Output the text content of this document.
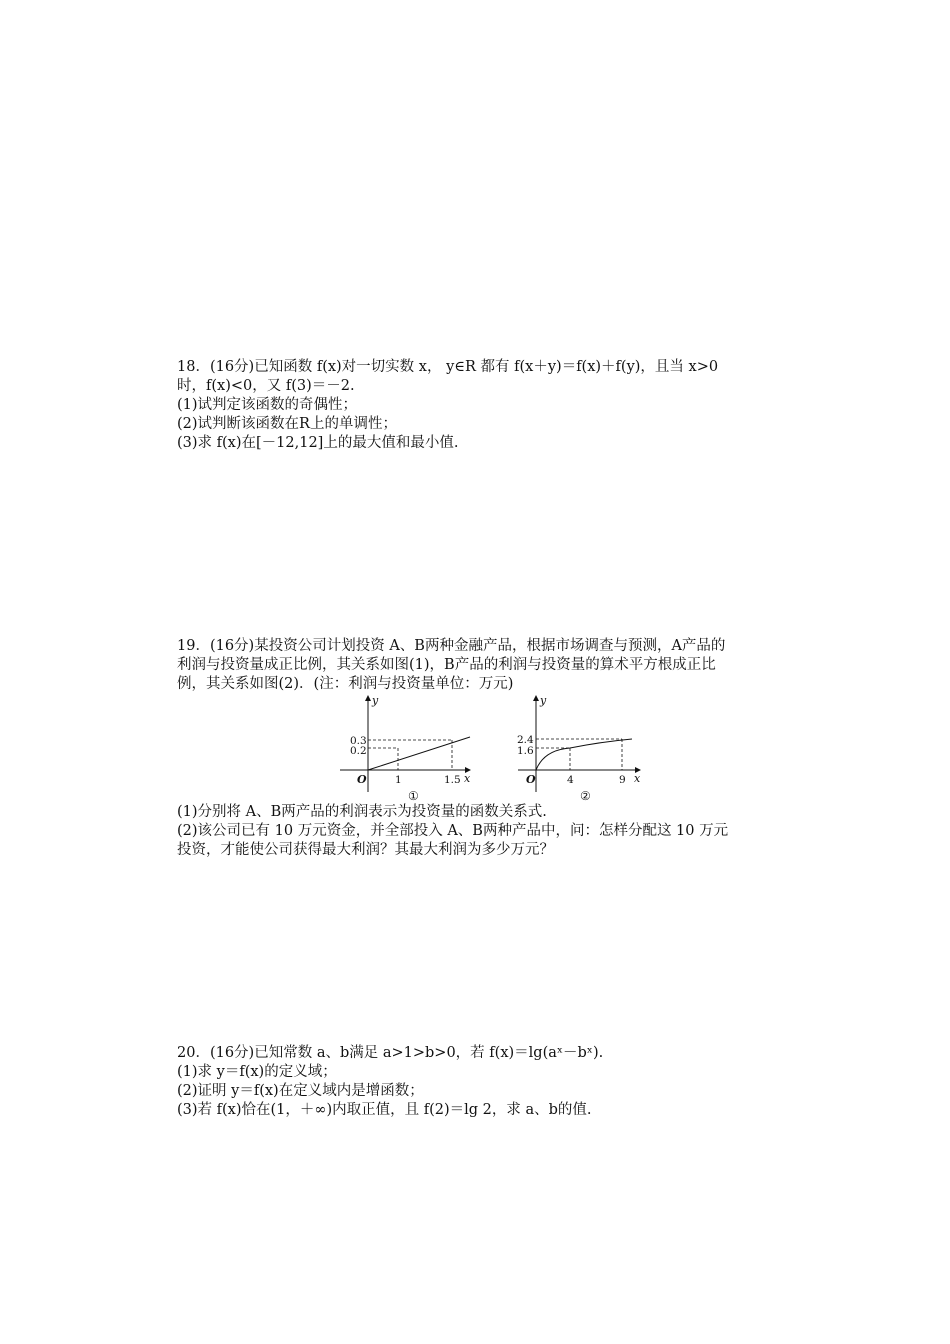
18．(16分)已知函数 f(x)对一切实数 x， y∈R 都有 f(x＋y)＝f(x)＋f(y)，且当 x>0
时，f(x)<0，又 f(3)＝－2.
(1)试判定该函数的奇偶性；
(2)试判断该函数在R上的单调性；
(3)求 f(x)在[－12,12]上的最大值和最小值.
19．(16分)某投资公司计划投资 A、B两种金融产品，根据市场调查与预测，A产品的
利润与投资量成正比例，其关系如图(1)，B产品的利润与投资量的算术平方根成正比
例，其关系如图(2)．(注：利润与投资量单位：万元)
y
x
O
0.3
0.2
1	1.5
①
y
x
O
2.4
1.6
4	9
②
(1)分别将 A、B两产品的利润表示为投资量的函数关系式.
(2)该公司已有 10 万元资金，并全部投入 A、B两种产品中，问：怎样分配这 10 万元
投资，才能使公司获得最大利润？其最大利润为多少万元？
20．(16分)已知常数 a、b满足 a>1>b>0，若 f(x)＝lg(aˣ－bˣ).
(1)求 y＝f(x)的定义域；
(2)证明 y＝f(x)在定义域内是增函数；
(3)若 f(x)恰在(1，＋∞)内取正值，且 f(2)＝lg 2，求 a、b的值.
